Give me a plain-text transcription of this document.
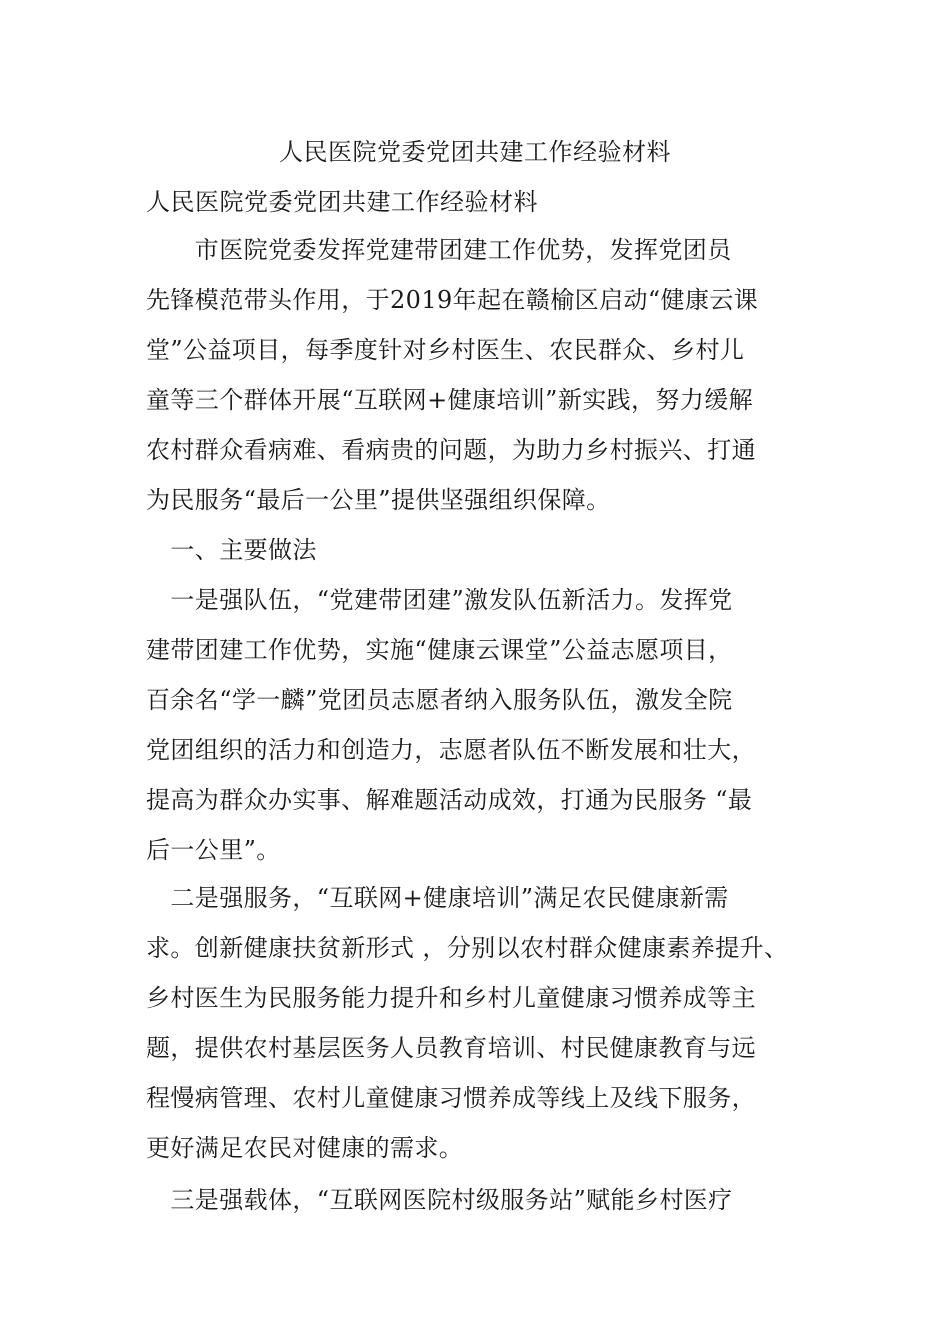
人民医院党委党团共建工作经验材料
人民医院党委党团共建工作经验材料
　　市医院党委发挥党建带团建工作优势，发挥党团员
先锋模范带头作用，于2019年起在赣榆区启动“健康云课
堂”公益项目，每季度针对乡村医生、农民群众、乡村儿
童等三个群体开展“互联网+健康培训”新实践，努力缓解
农村群众看病难、看病贵的问题，为助力乡村振兴、打通
为民服务“最后一公里”提供坚强组织保障。
　一、主要做法
　一是强队伍，“党建带团建”激发队伍新活力。发挥党
建带团建工作优势，实施“健康云课堂”公益志愿项目，
百余名“学一麟”党团员志愿者纳入服务队伍，激发全院
党团组织的活力和创造力，志愿者队伍不断发展和壮大，
提高为群众办实事、解难题活动成效，打通为民服务 “最
后一公里”。
　二是强服务，“互联网+健康培训”满足农民健康新需
求。创新健康扶贫新形式 ，分别以农村群众健康素养提升、
乡村医生为民服务能力提升和乡村儿童健康习惯养成等主
题，提供农村基层医务人员教育培训、村民健康教育与远
程慢病管理、农村儿童健康习惯养成等线上及线下服务，
更好满足农民对健康的需求。
　三是强载体，“互联网医院村级服务站”赋能乡村医疗
